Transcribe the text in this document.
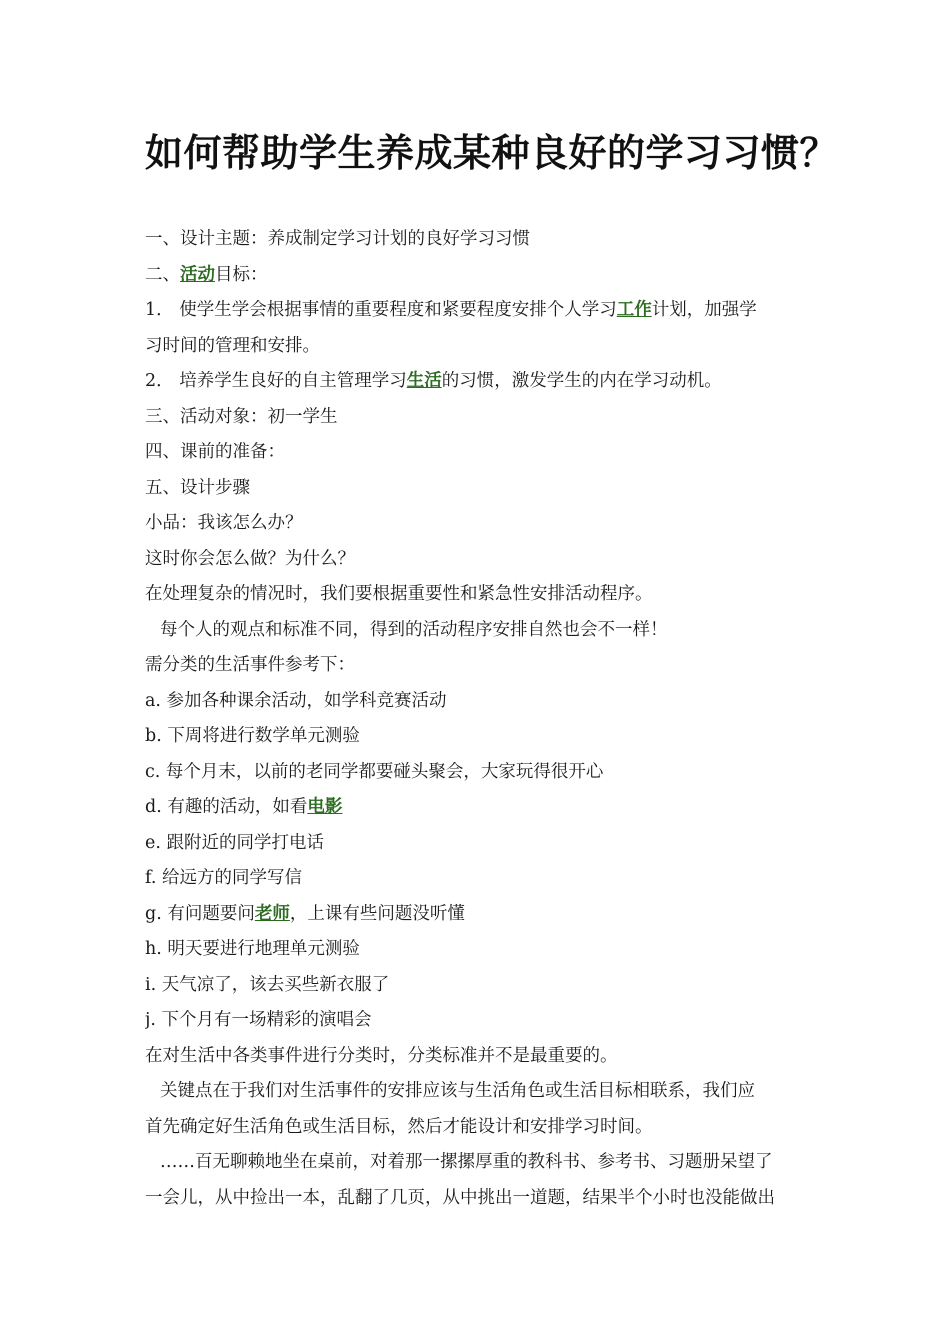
如何帮助学生养成某种良好的学习习惯？
一、设计主题：养成制定学习计划的良好学习习惯
二、活动目标：
1． 使学生学会根据事情的重要程度和紧要程度安排个人学习工作计划，加强学
习时间的管理和安排。
2． 培养学生良好的自主管理学习生活的习惯，激发学生的内在学习动机。
三、活动对象：初一学生
四、课前的准备：
五、设计步骤
小品：我该怎么办？
这时你会怎么做？为什么？
在处理复杂的情况时，我们要根据重要性和紧急性安排活动程序。
每个人的观点和标准不同，得到的活动程序安排自然也会不一样！
需分类的生活事件参考下：
a. 参加各种课余活动，如学科竞赛活动
b. 下周将进行数学单元测验
c. 每个月末，以前的老同学都要碰头聚会，大家玩得很开心
d. 有趣的活动，如看电影
e. 跟附近的同学打电话
f. 给远方的同学写信
g. 有问题要问老师，上课有些问题没听懂
h. 明天要进行地理单元测验
i. 天气凉了，该去买些新衣服了
j. 下个月有一场精彩的演唱会
在对生活中各类事件进行分类时，分类标准并不是最重要的。
关键点在于我们对生活事件的安排应该与生活角色或生活目标相联系，我们应
首先确定好生活角色或生活目标，然后才能设计和安排学习时间。
……百无聊赖地坐在桌前，对着那一摞摞厚重的教科书、参考书、习题册呆望了
一会儿，从中捡出一本，乱翻了几页，从中挑出一道题，结果半个小时也没能做出
